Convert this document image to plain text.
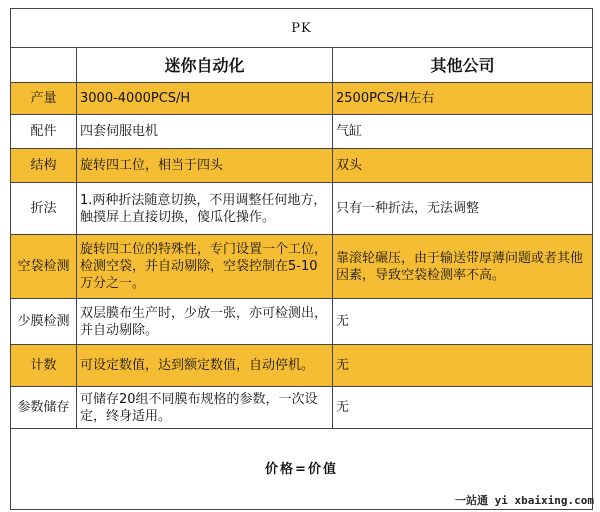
PK		
	迷你自动化	其他公司
产量	3000-4000PCS/H	2500PCS/H左右
配件	四套伺服电机	气缸
结构	旋转四工位，相当于四头	双头
折法	1.两种折法随意切换，不用调整任何地方，触摸屏上直接切换，傻瓜化操作。	只有一种折法，无法调整
空袋检测	旋转四工位的特殊性，专门设置一个工位，检测空袋，并自动剔除，空袋控制在5-10万分之一。	靠滚轮碾压，由于输送带厚薄问题或者其他因素，导致空袋检测率不高。
少膜检测	双层膜布生产时，少放一张，亦可检测出，并自动剔除。	无
计数	可设定数值，达到额定数值，自动停机。	无
参数储存	可储存20组不同膜布规格的参数，一次设定，终身适用。	无
价格=价值		
一站通 yi xbaixing.com
